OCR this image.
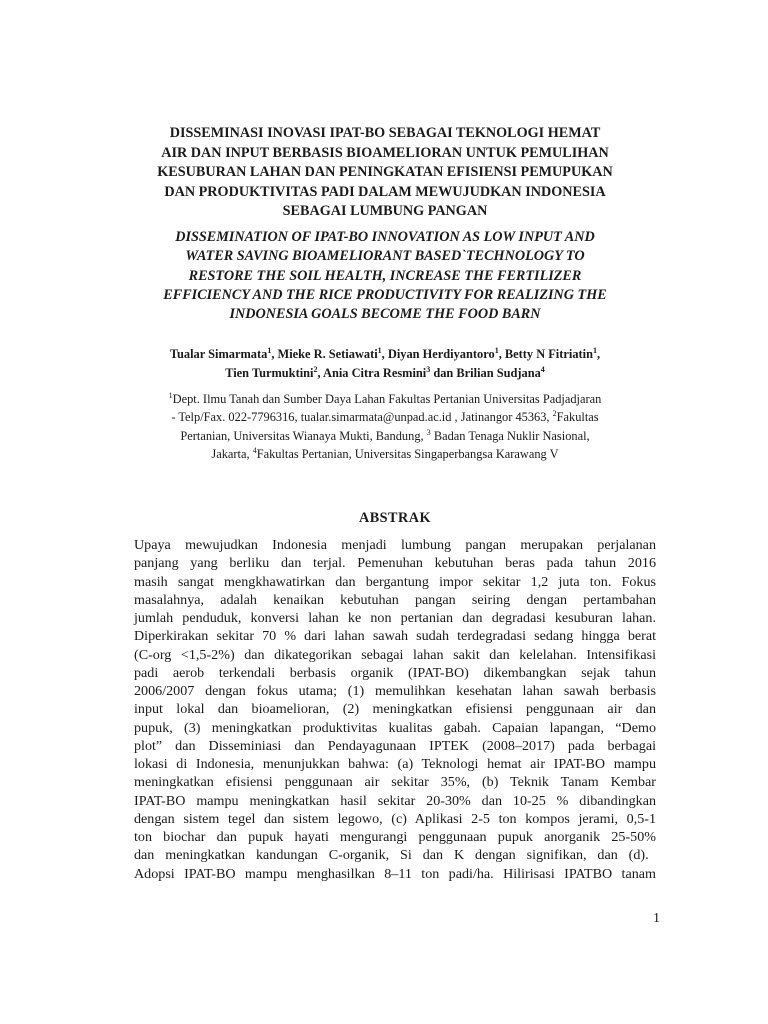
DISSEMINASI INOVASI IPAT-BO SEBAGAI TEKNOLOGI HEMAT
AIR DAN INPUT BERBASIS BIOAMELIORAN UNTUK PEMULIHAN
KESUBURAN LAHAN DAN PENINGKATAN EFISIENSI PEMUPUKAN
DAN PRODUKTIVITAS PADI DALAM MEWUJUDKAN INDONESIA
SEBAGAI LUMBUNG PANGAN
DISSEMINATION OF IPAT-BO INNOVATION AS LOW INPUT AND
WATER SAVING BIOAMELIORANT BASED`TECHNOLOGY TO
RESTORE THE SOIL HEALTH, INCREASE THE FERTILIZER
EFFICIENCY AND THE RICE PRODUCTIVITY FOR REALIZING THE
INDONESIA GOALS BECOME THE FOOD BARN
Tualar Simarmata$^1$, Mieke R. Setiawati$^1$, Diyan Herdiyantoro$^1$, Betty N Fitriatin$^1$,
Tien Turmuktini$^2$, Ania Citra Resmini$^3$ dan Brilian Sudjana$^4$
$^1$Dept. Ilmu Tanah dan Sumber Daya Lahan Fakultas Pertanian Universitas Padjadjaran
- Telp/Fax. 022-7796316, tualar.simarmata@unpad.ac.id , Jatinangor 45363, $^2$Fakultas
Pertanian, Universitas Wianaya Mukti, Bandung, $^3$ Badan Tenaga Nuklir Nasional,
Jakarta, $^4$Fakultas Pertanian, Universitas Singaperbangsa Karawang V
ABSTRAK
Upaya mewujudkan Indonesia menjadi lumbung pangan merupakan perjalanan
panjang yang berliku dan terjal. Pemenuhan kebutuhan beras pada tahun 2016
masih sangat mengkhawatirkan dan bergantung impor sekitar 1,2 juta ton. Fokus
masalahnya, adalah kenaikan kebutuhan pangan seiring dengan pertambahan
jumlah penduduk, konversi lahan ke non pertanian dan degradasi kesuburan lahan.
Diperkirakan sekitar 70 % dari lahan sawah sudah terdegradasi sedang hingga berat
(C-org <1,5-2%) dan dikategorikan sebagai lahan sakit dan kelelahan. Intensifikasi
padi aerob terkendali berbasis organik (IPAT-BO) dikembangkan sejak tahun
2006/2007 dengan fokus utama; (1) memulihkan kesehatan lahan sawah berbasis
input lokal dan bioamelioran, (2) meningkatkan efisiensi penggunaan air dan
pupuk, (3) meningkatkan produktivitas kualitas gabah. Capaian lapangan, “Demo
plot” dan Disseminiasi dan Pendayagunaan IPTEK (2008–2017) pada berbagai
lokasi di Indonesia, menunjukkan bahwa: (a) Teknologi hemat air IPAT-BO mampu
meningkatkan efisiensi penggunaan air sekitar 35%, (b) Teknik Tanam Kembar
IPAT-BO mampu meningkatkan hasil sekitar 20-30% dan 10-25 % dibandingkan
dengan sistem tegel dan sistem legowo, (c) Aplikasi 2-5 ton kompos jerami, 0,5-1
ton biochar dan pupuk hayati mengurangi penggunaan pupuk anorganik 25-50%
dan meningkatkan kandungan C-organik, Si dan K dengan signifikan, dan (d).
Adopsi IPAT-BO mampu menghasilkan 8–11 ton padi/ha. Hilirisasi IPATBO tanam
1
